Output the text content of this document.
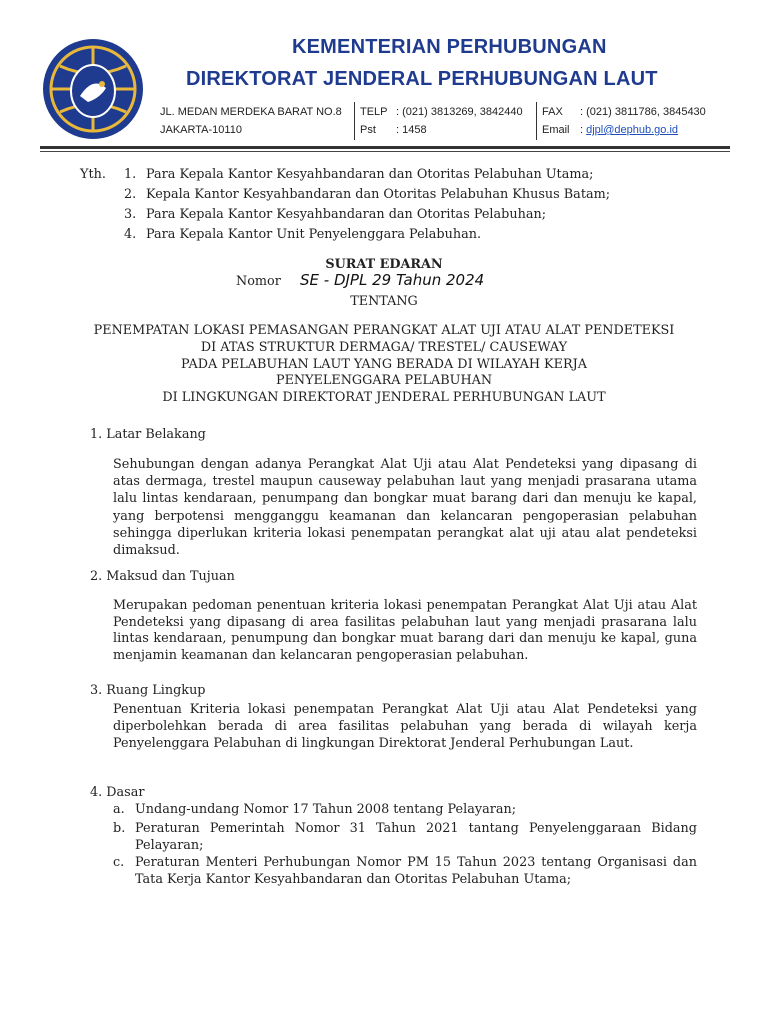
KEMENTERIAN PERHUBUNGAN
DIREKTORAT JENDERAL PERHUBUNGAN LAUT
JL. MEDAN MERDEKA BARAT NO.8
JAKARTA-10110
TELP : (021) 3813269, 3842440
Pst : 1458
FAX : (021) 3811786, 3845430
Email : djpl@dephub.go.id
Yth. 1. Para Kepala Kantor Kesyahbandaran dan Otoritas Pelabuhan Utama;
2. Kepala Kantor Kesyahbandaran dan Otoritas Pelabuhan Khusus Batam;
3. Para Kepala Kantor Kesyahbandaran dan Otoritas Pelabuhan;
4. Para Kepala Kantor Unit Penyelenggara Pelabuhan.
SURAT EDARAN
Nomor SE - DJPL 29 Tahun 2024
TENTANG
PENEMPATAN LOKASI PEMASANGAN PERANGKAT ALAT UJI ATAU ALAT PENDETEKSI
DI ATAS STRUKTUR DERMAGA/ TRESTEL/ CAUSEWAY
PADA PELABUHAN LAUT YANG BERADA DI WILAYAH KERJA
PENYELENGGARA PELABUHAN
DI LINGKUNGAN DIREKTORAT JENDERAL PERHUBUNGAN LAUT
1. Latar Belakang

Sehubungan dengan adanya Perangkat Alat Uji atau Alat Pendeteksi yang dipasang di atas dermaga, trestel maupun causeway pelabuhan laut yang menjadi prasarana utama lalu lintas kendaraan, penumpang dan bongkar muat barang dari dan menuju ke kapal, yang berpotensi mengganggu keamanan dan kelancaran pengoperasian pelabuhan sehingga diperlukan kriteria lokasi penempatan perangkat alat uji atau alat pendeteksi dimaksud.

2. Maksud dan Tujuan

Merupakan pedoman penentuan kriteria lokasi penempatan Perangkat Alat Uji atau Alat Pendeteksi yang dipasang di area fasilitas pelabuhan laut yang menjadi prasarana lalu lintas kendaraan, penumpung dan bongkar muat barang dari dan menuju ke kapal, guna menjamin keamanan dan kelancaran pengoperasian pelabuhan.

3. Ruang Lingkup

Penentuan Kriteria lokasi penempatan Perangkat Alat Uji atau Alat Pendeteksi yang diperbolehkan berada di area fasilitas pelabuhan yang berada di wilayah kerja Penyelenggara Pelabuhan di lingkungan Direktorat Jenderal Perhubungan Laut.

4. Dasar
a. Undang-undang Nomor 17 Tahun 2008 tentang Pelayaran;
b. Peraturan Pemerintah Nomor 31 Tahun 2021 tantang Penyelenggaraan Bidang Pelayaran;
c. Peraturan Menteri Perhubungan Nomor PM 15 Tahun 2023 tentang Organisasi dan Tata Kerja Kantor Kesyahbandaran dan Otoritas Pelabuhan Utama;
